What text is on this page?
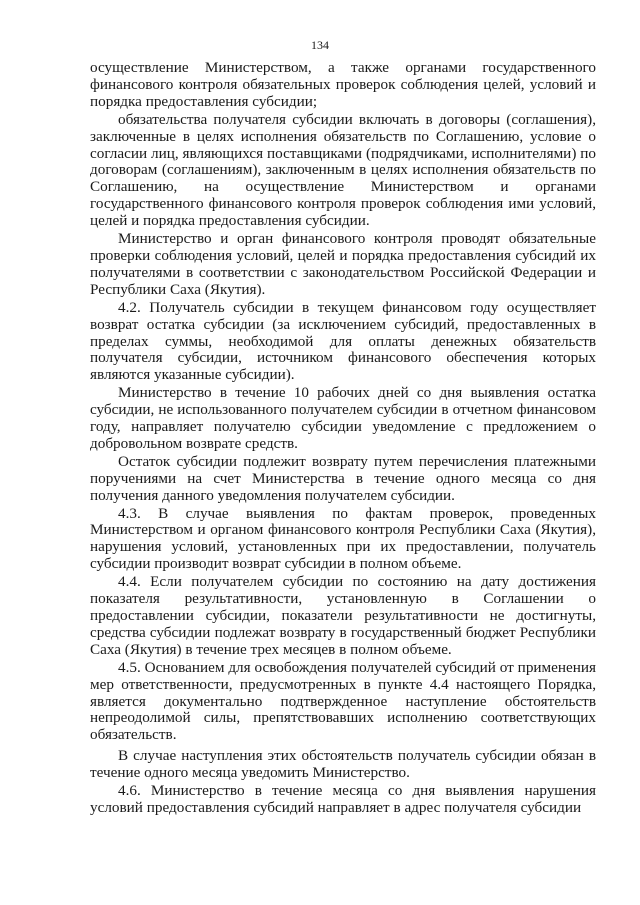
134

осуществление Министерством, а также органами государственного финансового контроля обязательных проверок соблюдения целей, условий и порядка предоставления субсидии;

обязательства получателя субсидии включать в договоры (соглашения), заключенные в целях исполнения обязательств по Соглашению, условие о согласии лиц, являющихся поставщиками (подрядчиками, исполнителями) по договорам (соглашениям), заключенным в целях исполнения обязательств по Соглашению, на осуществление Министерством и органами государственного финансового контроля проверок соблюдения ими условий, целей и порядка предоставления субсидии.

Министерство и орган финансового контроля проводят обязательные проверки соблюдения условий, целей и порядка предоставления субсидий их получателями в соответствии с законодательством Российской Федерации и Республики Саха (Якутия).

4.2. Получатель субсидии в текущем финансовом году осуществляет возврат остатка субсидии (за исключением субсидий, предоставленных в пределах суммы, необходимой для оплаты денежных обязательств получателя субсидии, источником финансового обеспечения которых являются указанные субсидии).

Министерство в течение 10 рабочих дней со дня выявления остатка субсидии, не использованного получателем субсидии в отчетном финансовом году, направляет получателю субсидии уведомление с предложением о добровольном возврате средств.

Остаток субсидии подлежит возврату путем перечисления платежными поручениями на счет Министерства в течение одного месяца со дня получения данного уведомления получателем субсидии.

4.3. В случае выявления по фактам проверок, проведенных Министерством и органом финансового контроля Республики Саха (Якутия), нарушения условий, установленных при их предоставлении, получатель субсидии производит возврат субсидии в полном объеме.

4.4. Если получателем субсидии по состоянию на дату достижения показателя результативности, установленную в Соглашении о предоставлении субсидии, показатели результативности не достигнуты, средства субсидии подлежат возврату в государственный бюджет Республики Саха (Якутия) в течение трех месяцев в полном объеме.

4.5. Основанием для освобождения получателей субсидий от применения мер ответственности, предусмотренных в пункте 4.4 настоящего Порядка, является документально подтвержденное наступление обстоятельств непреодолимой силы, препятствовавших исполнению соответствующих обязательств.

В случае наступления этих обстоятельств получатель субсидии обязан в течение одного месяца уведомить Министерство.

4.6. Министерство в течение месяца со дня выявления нарушения условий предоставления субсидий направляет в адрес получателя субсидии
